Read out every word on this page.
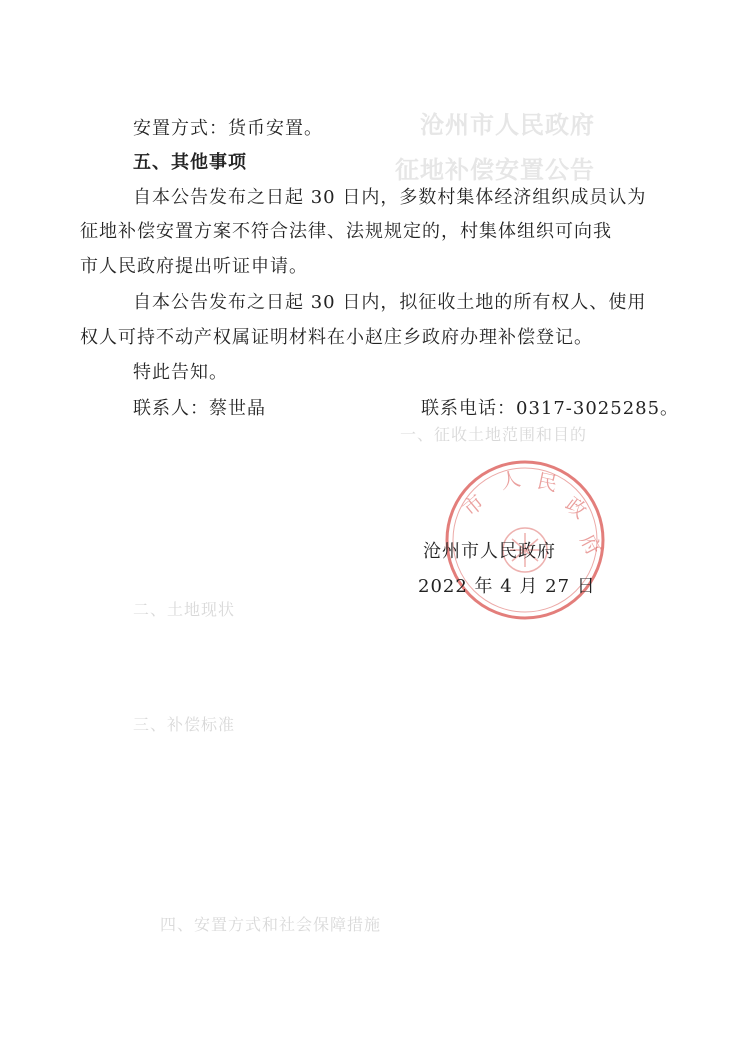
沧州市人民政府
征地补偿安置公告
一、征收土地范围和目的
二、土地现状
三、补偿标准
四、安置方式和社会保障措施
安置方式：货币安置。
五、其他事项
自本公告发布之日起 30 日内，多数村集体经济组织成员认为
征地补偿安置方案不符合法律、法规规定的，村集体组织可向我
市人民政府提出听证申请。
自本公告发布之日起 30 日内，拟征收土地的所有权人、使用
权人可持不动产权属证明材料在小赵庄乡政府办理补偿登记。
特此告知。
联系人：蔡世晶	联系电话：0317-3025285。
市
人 民
政
府
沧州市人民政府
2022 年 4 月 27 日
